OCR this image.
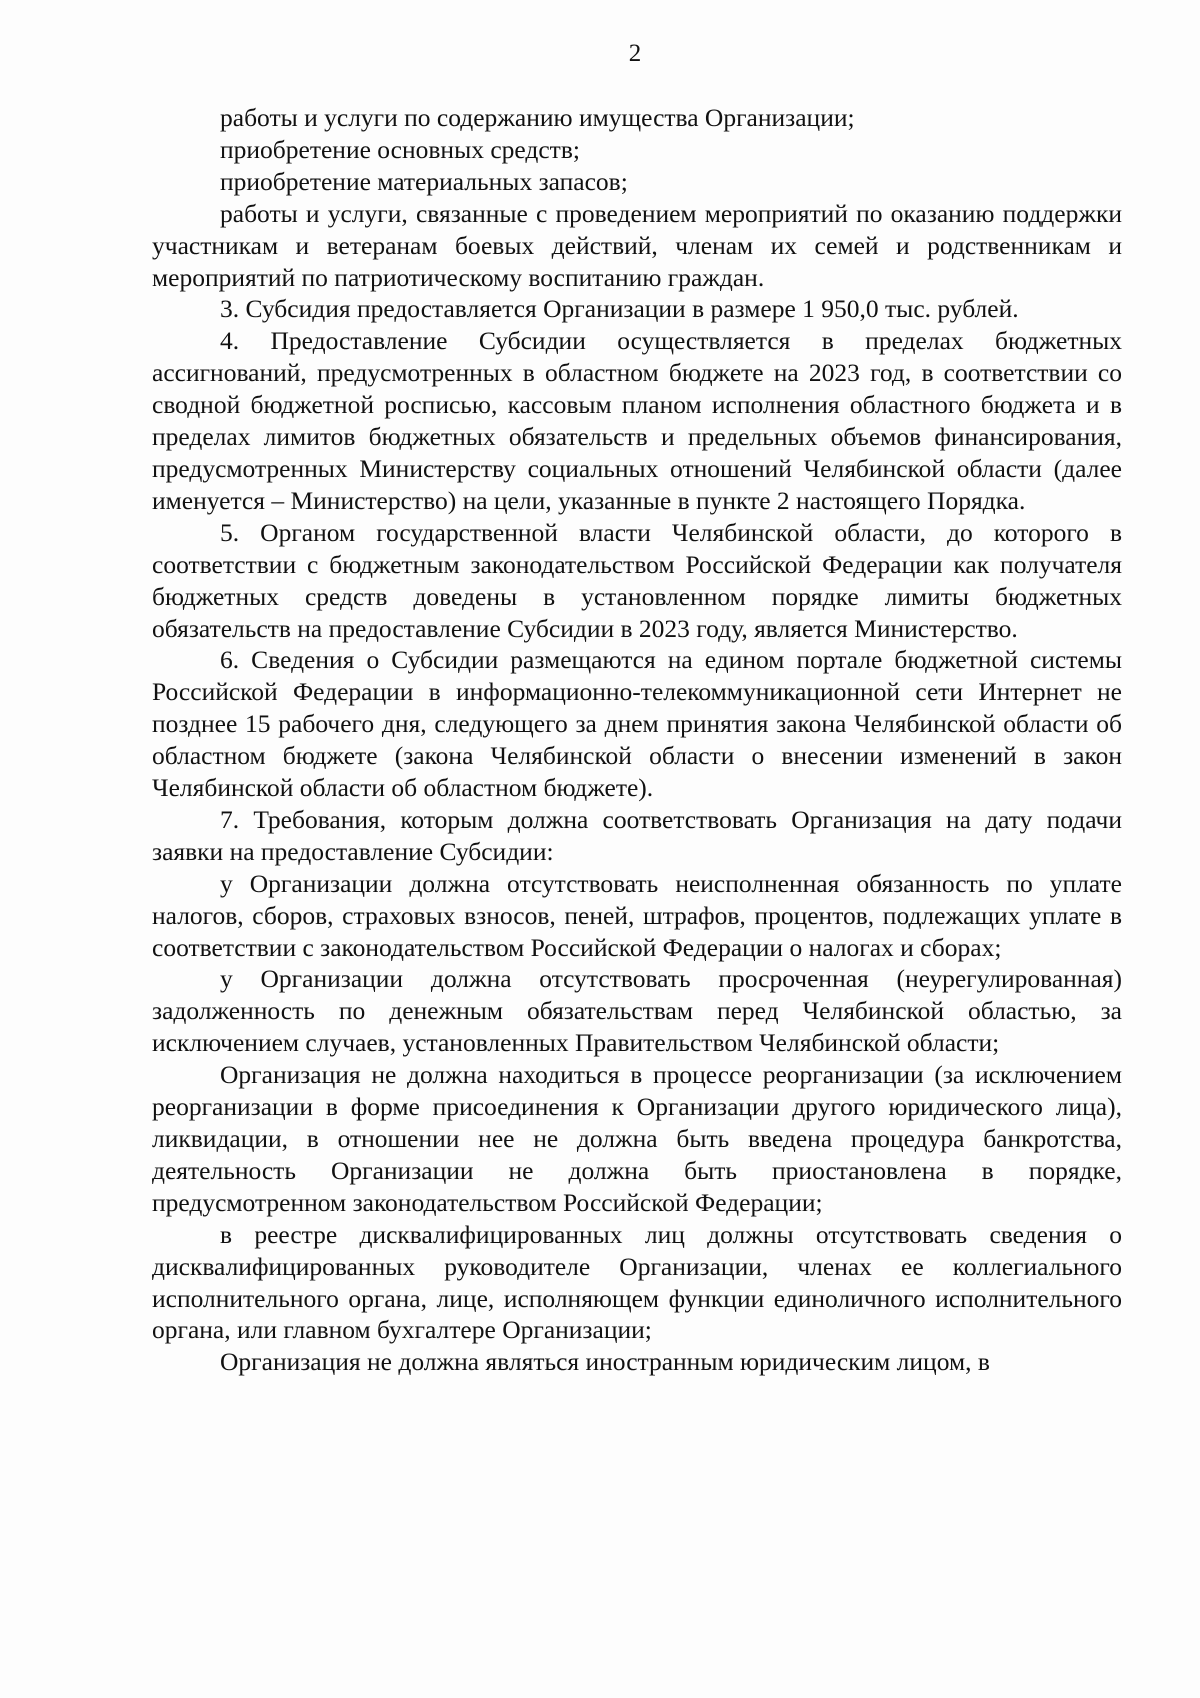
2

работы и услуги по содержанию имущества Организации;

приобретение основных средств;

приобретение материальных запасов;

работы и услуги, связанные с проведением мероприятий по оказанию поддержки участникам и ветеранам боевых действий, членам их семей и родственникам и мероприятий по патриотическому воспитанию граждан.

3. Субсидия предоставляется Организации в размере 1 950,0 тыс. рублей.

4. Предоставление Субсидии осуществляется в пределах бюджетных ассигнований, предусмотренных в областном бюджете на 2023 год, в соответствии со сводной бюджетной росписью, кассовым планом исполнения областного бюджета и в пределах лимитов бюджетных обязательств и предельных объемов финансирования, предусмотренных Министерству социальных отношений Челябинской области (далее именуется – Министерство) на цели, указанные в пункте 2 настоящего Порядка.

5. Органом государственной власти Челябинской области, до которого в соответствии с бюджетным законодательством Российской Федерации как получателя бюджетных средств доведены в установленном порядке лимиты бюджетных обязательств на предоставление Субсидии в 2023 году, является Министерство.

6. Сведения о Субсидии размещаются на едином портале бюджетной системы Российской Федерации в информационно-телекоммуникационной сети Интернет не позднее 15 рабочего дня, следующего за днем принятия закона Челябинской области об областном бюджете (закона Челябинской области о внесении изменений в закон Челябинской области об областном бюджете).

7. Требования, которым должна соответствовать Организация на дату подачи заявки на предоставление Субсидии:

у Организации должна отсутствовать неисполненная обязанность по уплате налогов, сборов, страховых взносов, пеней, штрафов, процентов, подлежащих уплате в соответствии с законодательством Российской Федерации о налогах и сборах;

у Организации должна отсутствовать просроченная (неурегулированная) задолженность по денежным обязательствам перед Челябинской областью, за исключением случаев, установленных Правительством Челябинской области;

Организация не должна находиться в процессе реорганизации (за исключением реорганизации в форме присоединения к Организации другого юридического лица), ликвидации, в отношении нее не должна быть введена процедура банкротства, деятельность Организации не должна быть приостановлена в порядке, предусмотренном законодательством Российской Федерации;

в реестре дисквалифицированных лиц должны отсутствовать сведения о дисквалифицированных руководителе Организации, членах ее коллегиального исполнительного органа, лице, исполняющем функции единоличного исполнительного органа, или главном бухгалтере Организации;

Организация не должна являться иностранным юридическим лицом, в
